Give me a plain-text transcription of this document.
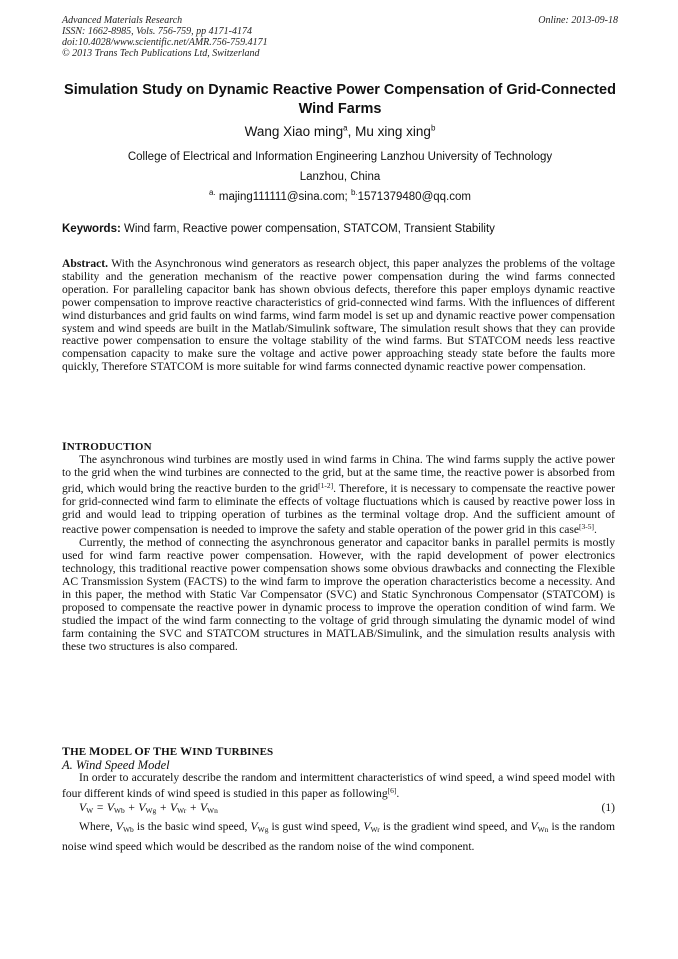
Advanced Materials Research
ISSN: 1662-8985, Vols. 756-759, pp 4171-4174
doi:10.4028/www.scientific.net/AMR.756-759.4171
© 2013 Trans Tech Publications Ltd, Switzerland
Online: 2013-09-18
Simulation Study on Dynamic Reactive Power Compensation of Grid-Connected Wind Farms
Wang Xiao ming$^a$, Mu xing xing$^b$
College of Electrical and Information Engineering Lanzhou University of Technology
Lanzhou, China
$^{a.}$ majing111111@sina.com; $^{b.}$1571379480@qq.com
Keywords: Wind farm, Reactive power compensation, STATCOM, Transient Stability

Abstract. With the Asynchronous wind generators as research object, this paper analyzes the problems of the voltage stability and the generation mechanism of the reactive power compensation during the wind farms connected operation. For paralleling capacitor bank has shown obvious defects, therefore this paper employs dynamic reactive power compensation to improve reactive characteristics of grid-connected wind farms. With the influences of different wind disturbances and grid faults on wind farms, wind farm model is set up and dynamic reactive power compensation system and wind speeds are built in the Matlab/Simulink software, The simulation result shows that they can provide reactive power compensation to ensure the voltage stability of the wind farms. But STATCOM needs less reactive compensation capacity to make sure the voltage and active power approaching steady state before the faults more quickly, Therefore STATCOM is more suitable for wind farms connected dynamic reactive power compensation.

INTRODUCTION

The asynchronous wind turbines are mostly used in wind farms in China. The wind farms supply the active power to the grid when the wind turbines are connected to the grid, but at the same time, the reactive power is absorbed from grid, which would bring the reactive burden to the grid[1-2]. Therefore, it is necessary to compensate the reactive power for grid-connected wind farm to eliminate the effects of voltage fluctuations which is caused by reactive power loss in grid and would lead to tripping operation of turbines as the terminal voltage drop. And the sufficient amount of reactive power compensation is needed to improve the safety and stable operation of the power grid in this case[3-5].

Currently, the method of connecting the asynchronous generator and capacitor banks in parallel permits is mostly used for wind farm reactive power compensation. However, with the rapid development of power electronics technology, this traditional reactive power compensation shows some obvious drawbacks and connecting the Flexible AC Transmission System (FACTS) to the wind farm to improve the operation characteristics become a necessity. And in this paper, the method with Static Var Compensator (SVC) and Static Synchronous Compensator (STATCOM) is proposed to compensate the reactive power in dynamic process to improve the operation condition of wind farm. We studied the impact of the wind farm connecting to the voltage of grid through simulating the dynamic model of wind farm containing the SVC and STATCOM structures in MATLAB/Simulink, and the simulation results analysis with these two structures is also compared.

THE MODEL OF THE WIND TURBINES

A. Wind Speed Model

In order to accurately describe the random and intermittent characteristics of wind speed, a wind speed model with four different kinds of wind speed is studied in this paper as following[6].

$V_W = V_{Wb} + V_{Wg} + V_{Wr} + V_{Wn}$	(1)

Where, $V_{Wb}$ is the basic wind speed, $V_{Wg}$ is gust wind speed, $V_{Wr}$ is the gradient wind speed, and $V_{Wn}$ is the random noise wind speed which would be described as the random noise of the wind component.
